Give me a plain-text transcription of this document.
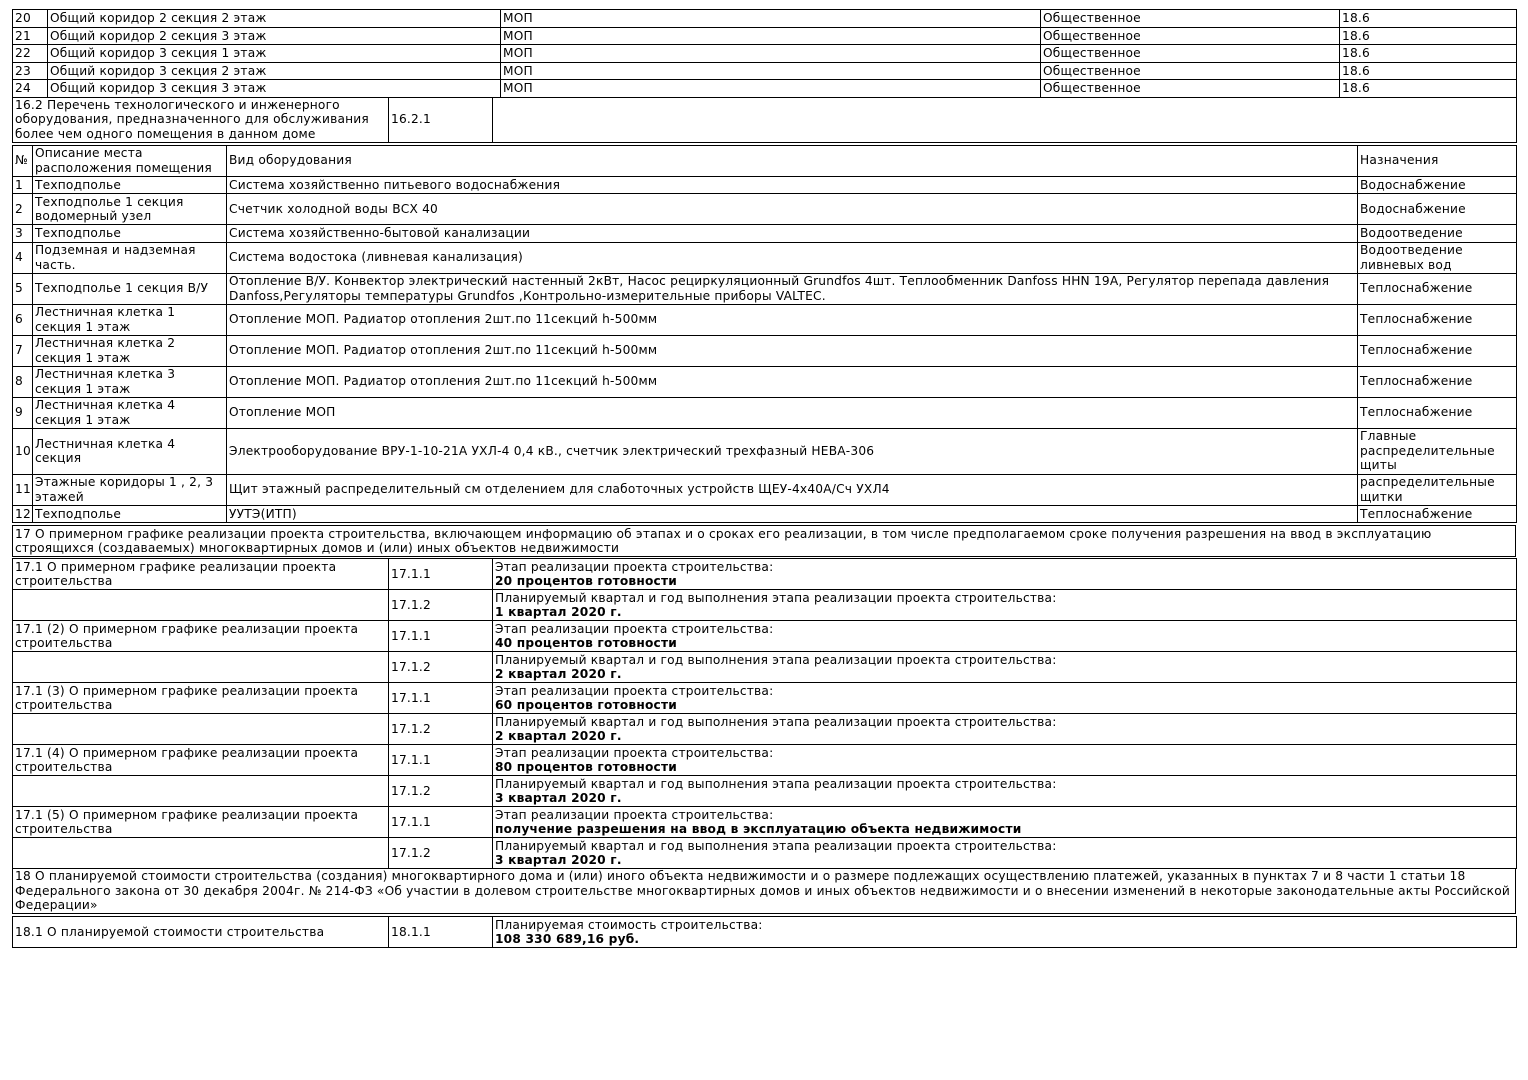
20	Общий коридор 2 секция 2 этаж	МОП	Общественное	18.6
21	Общий коридор 2 секция 3 этаж	МОП	Общественное	18.6
22	Общий коридор 3 секция 1 этаж	МОП	Общественное	18.6
23	Общий коридор 3 секция 2 этаж	МОП	Общественное	18.6
24	Общий коридор 3 секция 3 этаж	МОП	Общественное	18.6
16.2 Перечень технологического и инженерного оборудования, предназначенного для обслуживания более чем одного помещения в данном доме	16.2.1	
№	Описание места расположения помещения	Вид оборудования	Назначения
1	Техподполье	Система хозяйственно питьевого водоснабжения	Водоснабжение
2	Техподполье 1 секция водомерный узел	Счетчик холодной воды ВСХ 40	Водоснабжение
3	Техподполье	Система хозяйственно-бытовой канализации	Водоотведение
4	Подземная и надземная часть.	Система водостока (ливневая канализация)	Водоотведение ливневых вод
5	Техподполье 1 секция В/У	Отопление В/У. Конвектор электрический настенный 2кВт, Насос рециркуляционный Grundfos 4шт. Теплообменник Danfoss HHN 19A, Регулятор перепада давления Danfoss,Регуляторы температуры Grundfos ,Контрольно-измерительные приборы VALTEC.	Теплоснабжение
6	Лестничная клетка 1 секция 1 этаж	Отопление МОП. Радиатор отопления 2шт.по 11секций h-500мм	Теплоснабжение
7	Лестничная клетка 2 секция 1 этаж	Отопление МОП. Радиатор отопления 2шт.по 11секций h-500мм	Теплоснабжение
8	Лестничная клетка 3 секция 1 этаж	Отопление МОП. Радиатор отопления 2шт.по 11секций h-500мм	Теплоснабжение
9	Лестничная клетка 4 секция 1 этаж	Отопление МОП	Теплоснабжение
10	Лестничная клетка 4 секция	Электрооборудование ВРУ-1-10-21А УХЛ-4 0,4 кВ., счетчик электрический трехфазный НЕВА-306	Главные распределительные щиты
11	Этажные коридоры 1 , 2, 3 этажей	Щит этажный распределительный см отделением для слаботочных устройств ЩЕУ-4х40А/Сч УХЛ4	распределительные щитки
12	Техподполье	УУТЭ(ИТП)	Теплоснабжение
17 О примерном графике реализации проекта строительства, включающем информацию об этапах и о сроках его реализации, в том числе предполагаемом сроке получения разрешения на ввод в эксплуатацию строящихся (создаваемых) многоквартирных домов и (или) иных объектов недвижимости
17.1 О примерном графике реализации проекта строительства	17.1.1	Этап реализации проекта строительства:
20 процентов готовности

	17.1.2	Планируемый квартал и год выполнения этапа реализации проекта строительства:
1 квартал 2020 г.

17.1 (2) О примерном графике реализации проекта строительства	17.1.1	Этап реализации проекта строительства:
40 процентов готовности

	17.1.2	Планируемый квартал и год выполнения этапа реализации проекта строительства:
2 квартал 2020 г.

17.1 (3) О примерном графике реализации проекта строительства	17.1.1	Этап реализации проекта строительства:
60 процентов готовности

	17.1.2	Планируемый квартал и год выполнения этапа реализации проекта строительства:
2 квартал 2020 г.

17.1 (4) О примерном графике реализации проекта строительства	17.1.1	Этап реализации проекта строительства:
80 процентов готовности

	17.1.2	Планируемый квартал и год выполнения этапа реализации проекта строительства:
3 квартал 2020 г.

17.1 (5) О примерном графике реализации проекта строительства	17.1.1	Этап реализации проекта строительства:
получение разрешения на ввод в эксплуатацию объекта недвижимости

	17.1.2	Планируемый квартал и год выполнения этапа реализации проекта строительства:
3 квартал 2020 г.
18 О планируемой стоимости строительства (создания) многоквартирного дома и (или) иного объекта недвижимости и о размере подлежащих осуществлению платежей, указанных в пунктах 7 и 8 части 1 статьи 18 Федерального закона от 30 декабря 2004г. № 214-ФЗ «Об участии в долевом строительстве многоквартирных домов и иных объектов недвижимости и о внесении изменений в некоторые законодательные акты Российской Федерации»
18.1 О планируемой стоимости строительства	18.1.1	
Планируемая стоимость строительства:
108 330 689,16 руб.
